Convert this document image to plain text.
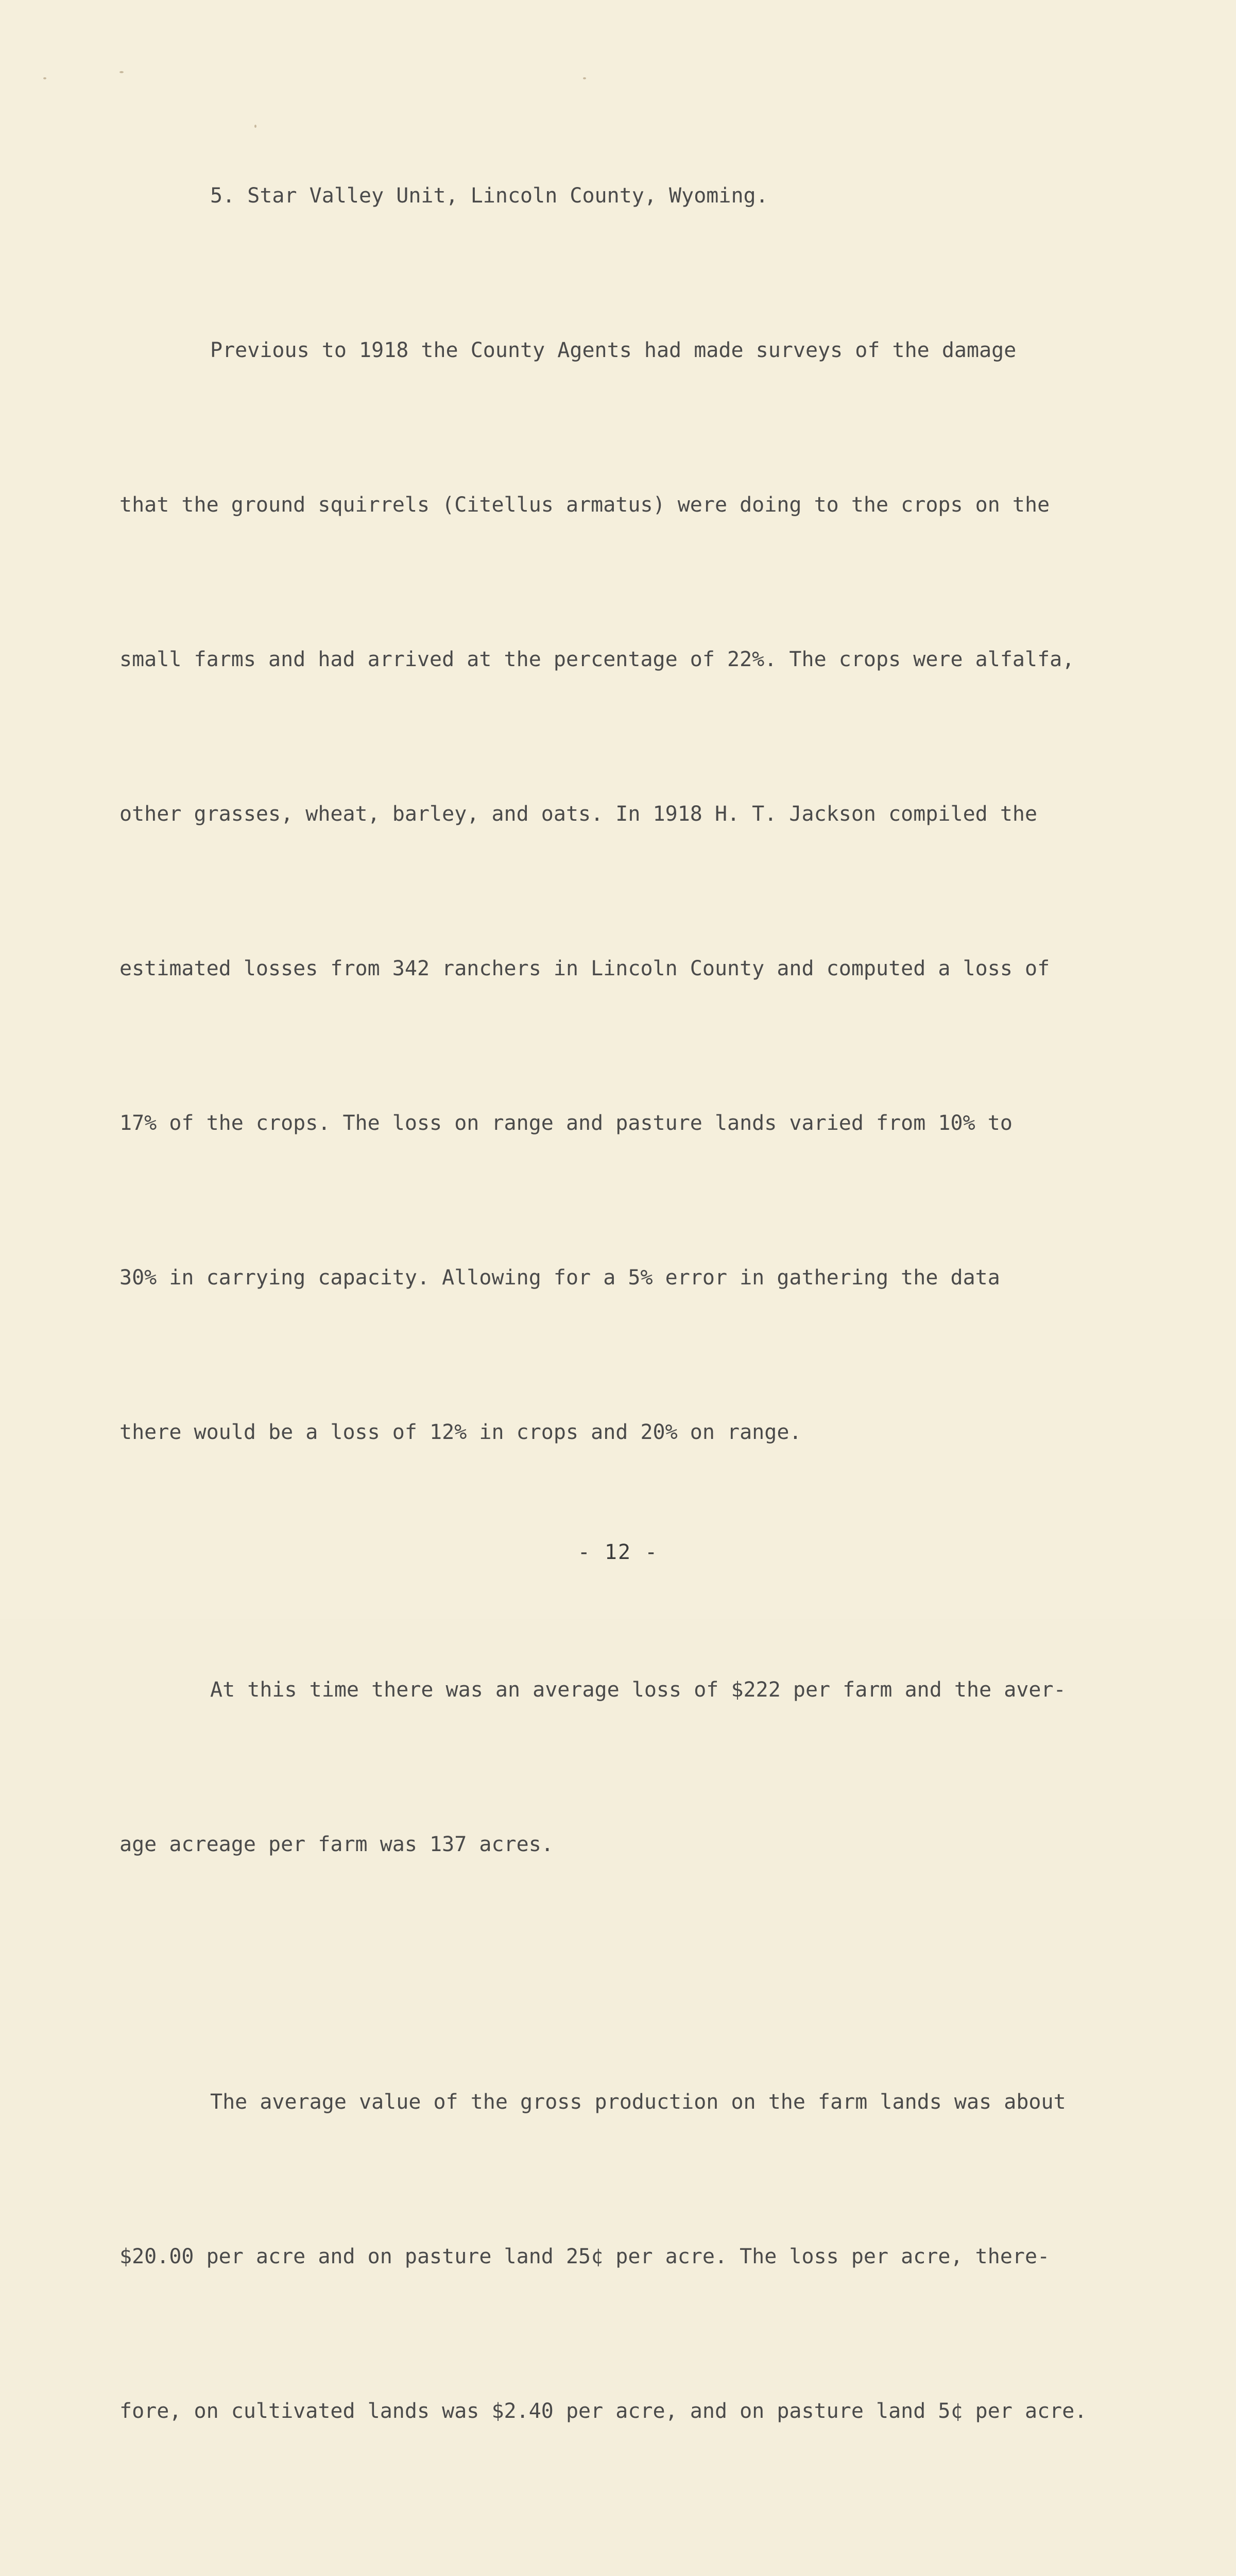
5. Star Valley Unit, Lincoln County, Wyoming.

Previous to 1918 the County Agents had made surveys of the damage

that the ground squirrels (Citellus armatus) were doing to the crops on the

small farms and had arrived at the percentage of 22%. The crops were alfalfa,

other grasses, wheat, barley, and oats. In 1918 H. T. Jackson compiled the

estimated losses from 342 ranchers in Lincoln County and computed a loss of

17% of the crops. The loss on range and pasture lands varied from 10% to

30% in carrying capacity. Allowing for a 5% error in gathering the data

there would be a loss of 12% in crops and 20% on range.

At this time there was an average loss of $222 per farm and the aver-

age acreage per farm was 137 acres.

The average value of the gross production on the farm lands was about

$20.00 per acre and on pasture land 25¢ per acre. The loss per acre, there-

fore, on cultivated lands was $2.40 per acre, and on pasture land 5¢ per acre.

- 12 -
